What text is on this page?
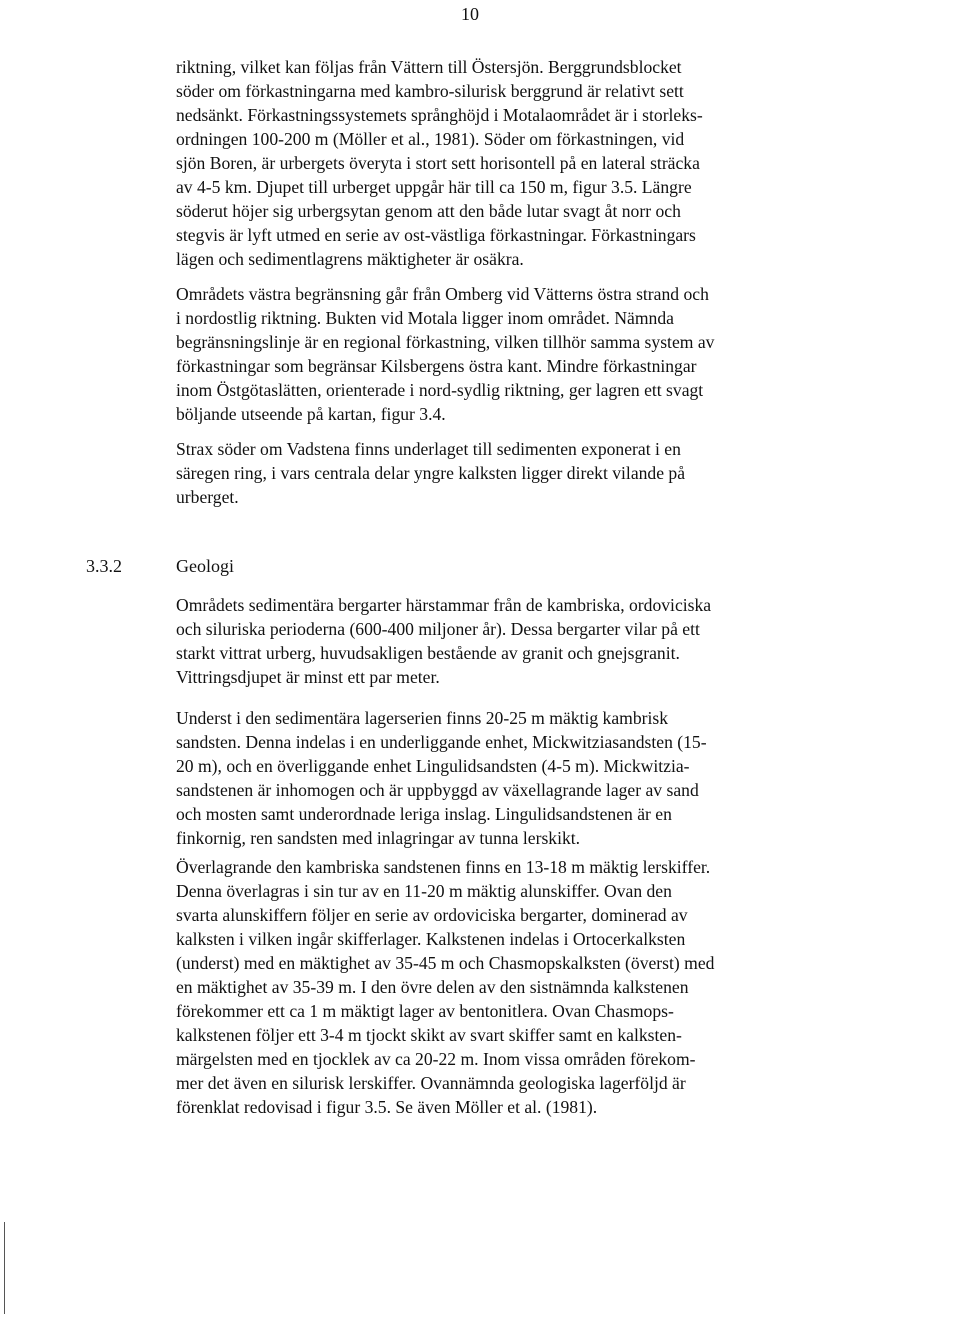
10

riktning, vilket kan följas från Vättern till Östersjön. Berggrundsblocket
söder om förkastningarna med kambro-silurisk berggrund är relativt sett
nedsänkt. Förkastningssystemets språnghöjd i Motalaområdet är i storleks-
ordningen 100-200 m (Möller et al., 1981). Söder om förkastningen, vid
sjön Boren, är urbergets överyta i stort sett horisontell på en lateral sträcka
av 4-5 km. Djupet till urberget uppgår här till ca 150 m, figur 3.5. Längre
söderut höjer sig urbergsytan genom att den både lutar svagt åt norr och
stegvis är lyft utmed en serie av ost-västliga förkastningar. Förkastningars
lägen och sedimentlagrens mäktigheter är osäkra.

Områdets västra begränsning går från Omberg vid Vätterns östra strand och
i nordostlig riktning. Bukten vid Motala ligger inom området. Nämnda
begränsningslinje är en regional förkastning, vilken tillhör samma system av
förkastningar som begränsar Kilsbergens östra kant. Mindre förkastningar
inom Östgötaslätten, orienterade i nord-sydlig riktning, ger lagren ett svagt
böljande utseende på kartan, figur 3.4.

Strax söder om Vadstena finns underlaget till sedimenten exponerat i en
säregen ring, i vars centrala delar yngre kalksten ligger direkt vilande på
urberget.

3.3.2	Geologi

Områdets sedimentära bergarter härstammar från de kambriska, ordoviciska
och siluriska perioderna (600-400 miljoner år). Dessa bergarter vilar på ett
starkt vittrat urberg, huvudsakligen bestående av granit och gnejsgranit.
Vittringsdjupet är minst ett par meter.

Underst i den sedimentära lagerserien finns 20-25 m mäktig kambrisk
sandsten. Denna indelas i en underliggande enhet, Mickwitziasandsten (15-
20 m), och en överliggande enhet Lingulidsandsten (4-5 m). Mickwitzia-
sandstenen är inhomogen och är uppbyggd av växellagrande lager av sand
och mosten samt underordnade leriga inslag. Lingulidsandstenen är en
finkornig, ren sandsten med inlagringar av tunna lerskikt.

Överlagrande den kambriska sandstenen finns en 13-18 m mäktig lerskiffer.
Denna överlagras i sin tur av en 11-20 m mäktig alunskiffer. Ovan den
svarta alunskiffern följer en serie av ordoviciska bergarter, dominerad av
kalksten i vilken ingår skifferlager. Kalkstenen indelas i Ortocerkalksten
(underst) med en mäktighet av 35-45 m och Chasmopskalksten (överst) med
en mäktighet av 35-39 m. I den övre delen av den sistnämnda kalkstenen
förekommer ett ca 1 m mäktigt lager av bentonitlera. Ovan Chasmops-
kalkstenen följer ett 3-4 m tjockt skikt av svart skiffer samt en kalksten-
märgelsten med en tjocklek av ca 20-22 m. Inom vissa områden förekom-
mer det även en silurisk lerskiffer. Ovannämnda geologiska lagerföljd är
förenklat redovisad i figur 3.5. Se även Möller et al. (1981).
